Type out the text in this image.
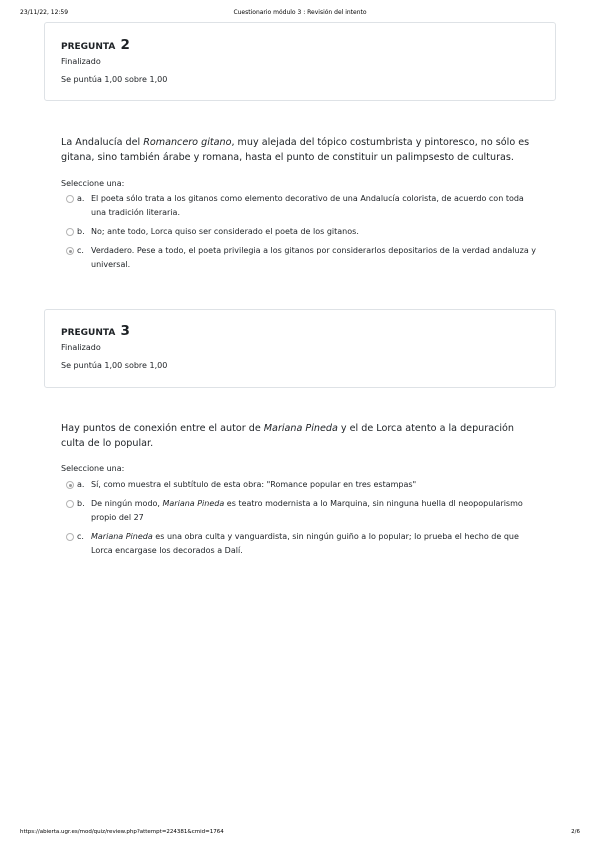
23/11/22, 12:59	Cuestionario módulo 3 : Revisión del intento
PREGUNTA 2
Finalizado
Se puntúa 1,00 sobre 1,00
La Andalucía del Romancero gitano, muy alejada del tópico costumbrista y pintoresco, no sólo es gitana, sino también árabe y romana, hasta el punto de constituir un palimpsesto de culturas.
Seleccione una:
a. El poeta sólo trata a los gitanos como elemento decorativo de una Andalucía colorista, de acuerdo con toda una tradición literaria.
b. No; ante todo, Lorca quiso ser considerado el poeta de los gitanos.
c. Verdadero. Pese a todo, el poeta privilegia a los gitanos por considerarlos depositarios de la verdad andaluza y universal.
PREGUNTA 3
Finalizado
Se puntúa 1,00 sobre 1,00
Hay puntos de conexión entre el autor de Mariana Pineda y el de Lorca atento a la depuración culta de lo popular.
Seleccione una:
a. Sí, como muestra el subtítulo de esta obra: "Romance popular en tres estampas"
b. De ningún modo, Mariana Pineda es teatro modernista a lo Marquina, sin ninguna huella dl neopopularismo propio del 27
c. Mariana Pineda es una obra culta y vanguardista, sin ningún guiño a lo popular; lo prueba el hecho de que Lorca encargase los decorados a Dalí.
https://abierta.ugr.es/mod/quiz/review.php?attempt=224381&cmid=1764	2/6
